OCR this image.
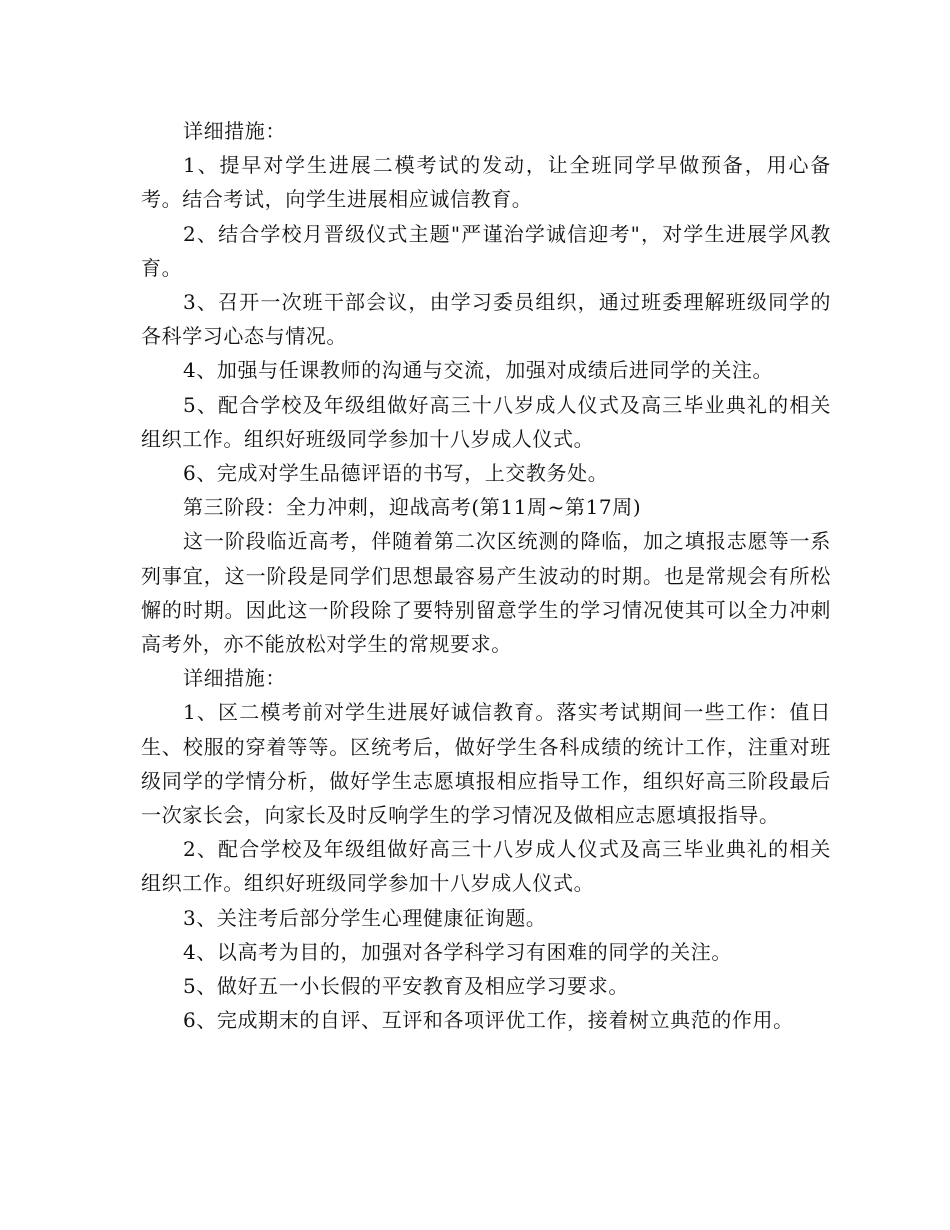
详细措施：

1、提早对学生进展二模考试的发动，让全班同学早做预备，用心备考。结合考试，向学生进展相应诚信教育。

2、结合学校月晋级仪式主题"严谨治学诚信迎考"，对学生进展学风教育。

3、召开一次班干部会议，由学习委员组织，通过班委理解班级同学的各科学习心态与情况。

4、加强与任课教师的沟通与交流，加强对成绩后进同学的关注。

5、配合学校及年级组做好高三十八岁成人仪式及高三毕业典礼的相关组织工作。组织好班级同学参加十八岁成人仪式。

6、完成对学生品德评语的书写，上交教务处。

第三阶段：全力冲刺，迎战高考(第11周~第17周)

这一阶段临近高考，伴随着第二次区统测的降临，加之填报志愿等一系列事宜，这一阶段是同学们思想最容易产生波动的时期。也是常规会有所松懈的时期。因此这一阶段除了要特别留意学生的学习情况使其可以全力冲刺高考外，亦不能放松对学生的常规要求。

详细措施：

1、区二模考前对学生进展好诚信教育。落实考试期间一些工作：值日生、校服的穿着等等。区统考后，做好学生各科成绩的统计工作，注重对班级同学的学情分析，做好学生志愿填报相应指导工作，组织好高三阶段最后一次家长会，向家长及时反响学生的学习情况及做相应志愿填报指导。

2、配合学校及年级组做好高三十八岁成人仪式及高三毕业典礼的相关组织工作。组织好班级同学参加十八岁成人仪式。

3、关注考后部分学生心理健康征询题。

4、以高考为目的，加强对各学科学习有困难的同学的关注。

5、做好五一小长假的平安教育及相应学习要求。

6、完成期末的自评、互评和各项评优工作，接着树立典范的作用。
